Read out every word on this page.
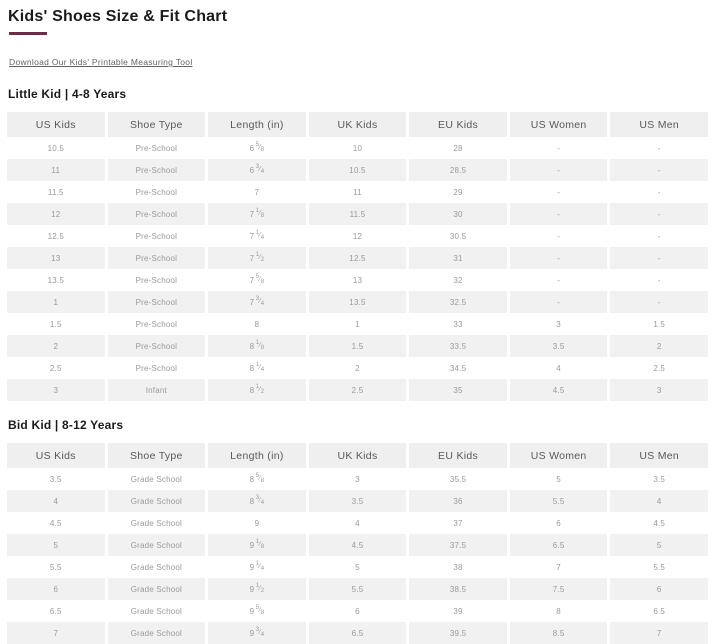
Kids' Shoes Size & Fit Chart
Download Our Kids' Printable Measuring Tool
Little Kid | 4-8 Years
US Kids	Shoe Type	Length (in)	UK Kids	EU Kids	US Women	US Men
10.5	Pre-School	6 5 ⁄ 8	10	28	-	-
11	Pre-School	6 3 ⁄ 4	10.5	28.5	-	-
11.5	Pre-School	7	11	29	-	-
12	Pre-School	7 1 ⁄ 8	11.5	30	-	-
12.5	Pre-School	7 1 ⁄ 4	12	30.5	-	-
13	Pre-School	7 1 ⁄ 2	12.5	31	-	-
13.5	Pre-School	7 5 ⁄ 8	13	32	-	-
1	Pre-School	7 3 ⁄ 4	13.5	32.5	-	-
1.5	Pre-School	8	1	33	3	1.5
2	Pre-School	8 1 ⁄ 8	1.5	33.5	3.5	2
2.5	Pre-School	8 1 ⁄ 4	2	34.5	4	2.5
3	Infant	8 1 ⁄ 2	2.5	35	4.5	3
Bid Kid | 8-12 Years
US Kids	Shoe Type	Length (in)	UK Kids	EU Kids	US Women	US Men
3.5	Grade School	8 5 ⁄ 8	3	35.5	5	3.5
4	Grade School	8 3 ⁄ 4	3.5	36	5.5	4
4.5	Grade School	9	4	37	6	4.5
5	Grade School	9 1 ⁄ 8	4.5	37.5	6.5	5
5.5	Grade School	9 1 ⁄ 4	5	38	7	5.5
6	Grade School	9 1 ⁄ 2	5.5	38.5	7.5	6
6.5	Grade School	9 5 ⁄ 8	6	39	8	6.5
7	Grade School	9 3 ⁄ 4	6.5	39.5	8.5	7
